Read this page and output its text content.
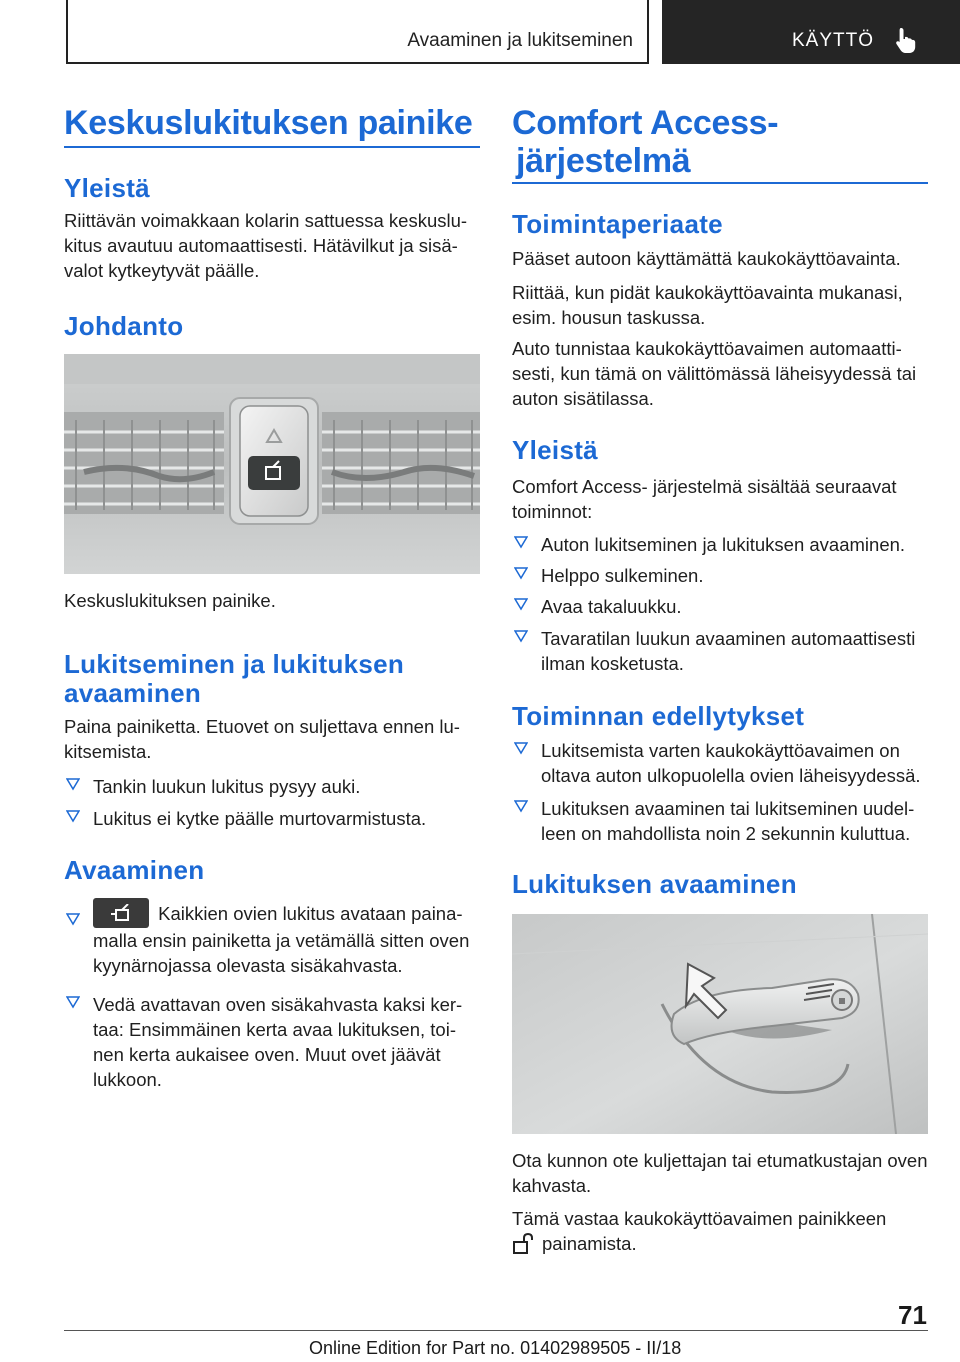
Avaaminen ja lukitseminen	KÄYTTÖ
Keskuslukituksen painike
Yleistä
Riittävän voimakkaan kolarin sattuessa keskuslu-kitus avautuu automaattisesti. Hätävilkut ja sisä-valot kytkeytyvät päälle.
Johdanto
Keskuslukituksen painike.
Lukitseminen ja lukituksen avaaminen
Paina painiketta. Etuovet on suljettava ennen lu-kitsemista.
Tankin luukun lukitus pysyy auki.
Lukitus ei kytke päälle murtovarmistusta.
Avaaminen
Kaikkien ovien lukitus avataan paina-malla ensin painiketta ja vetämällä sitten oven kyynärnojassa olevasta sisäkahvasta.
Vedä avattavan oven sisäkahvasta kaksi ker-taa: Ensimmäinen kerta avaa lukituksen, toi-nen kerta aukaisee oven. Muut ovet jäävät lukkoon.
Comfort Access-
järjestelmä
Toimintaperiaate
Pääset autoon käyttämättä kaukokäyttöavainta.
Riittää, kun pidät kaukokäyttöavainta mukanasi, esim. housun taskussa.
Auto tunnistaa kaukokäyttöavaimen automaatti-sesti, kun tämä on välittömässä läheisyydessä tai auton sisätilassa.
Yleistä
Comfort Access- järjestelmä sisältää seuraavat toiminnot:
Auton lukitseminen ja lukituksen avaaminen.
Helppo sulkeminen.
Avaa takaluukku.
Tavaratilan luukun avaaminen automaattisesti ilman kosketusta.
Toiminnan edellytykset
Lukitsemista varten kaukokäyttöavaimen on oltava auton ulkopuolella ovien läheisyydessä.
Lukituksen avaaminen tai lukitseminen uudel-leen on mahdollista noin 2 sekunnin kuluttua.
Lukituksen avaaminen
Ota kunnon ote kuljettajan tai etumatkustajan oven kahvasta.
Tämä vastaa kaukokäyttöavaimen painikkeen
painamista.
71
Online Edition for Part no. 01402989505 - II/18
